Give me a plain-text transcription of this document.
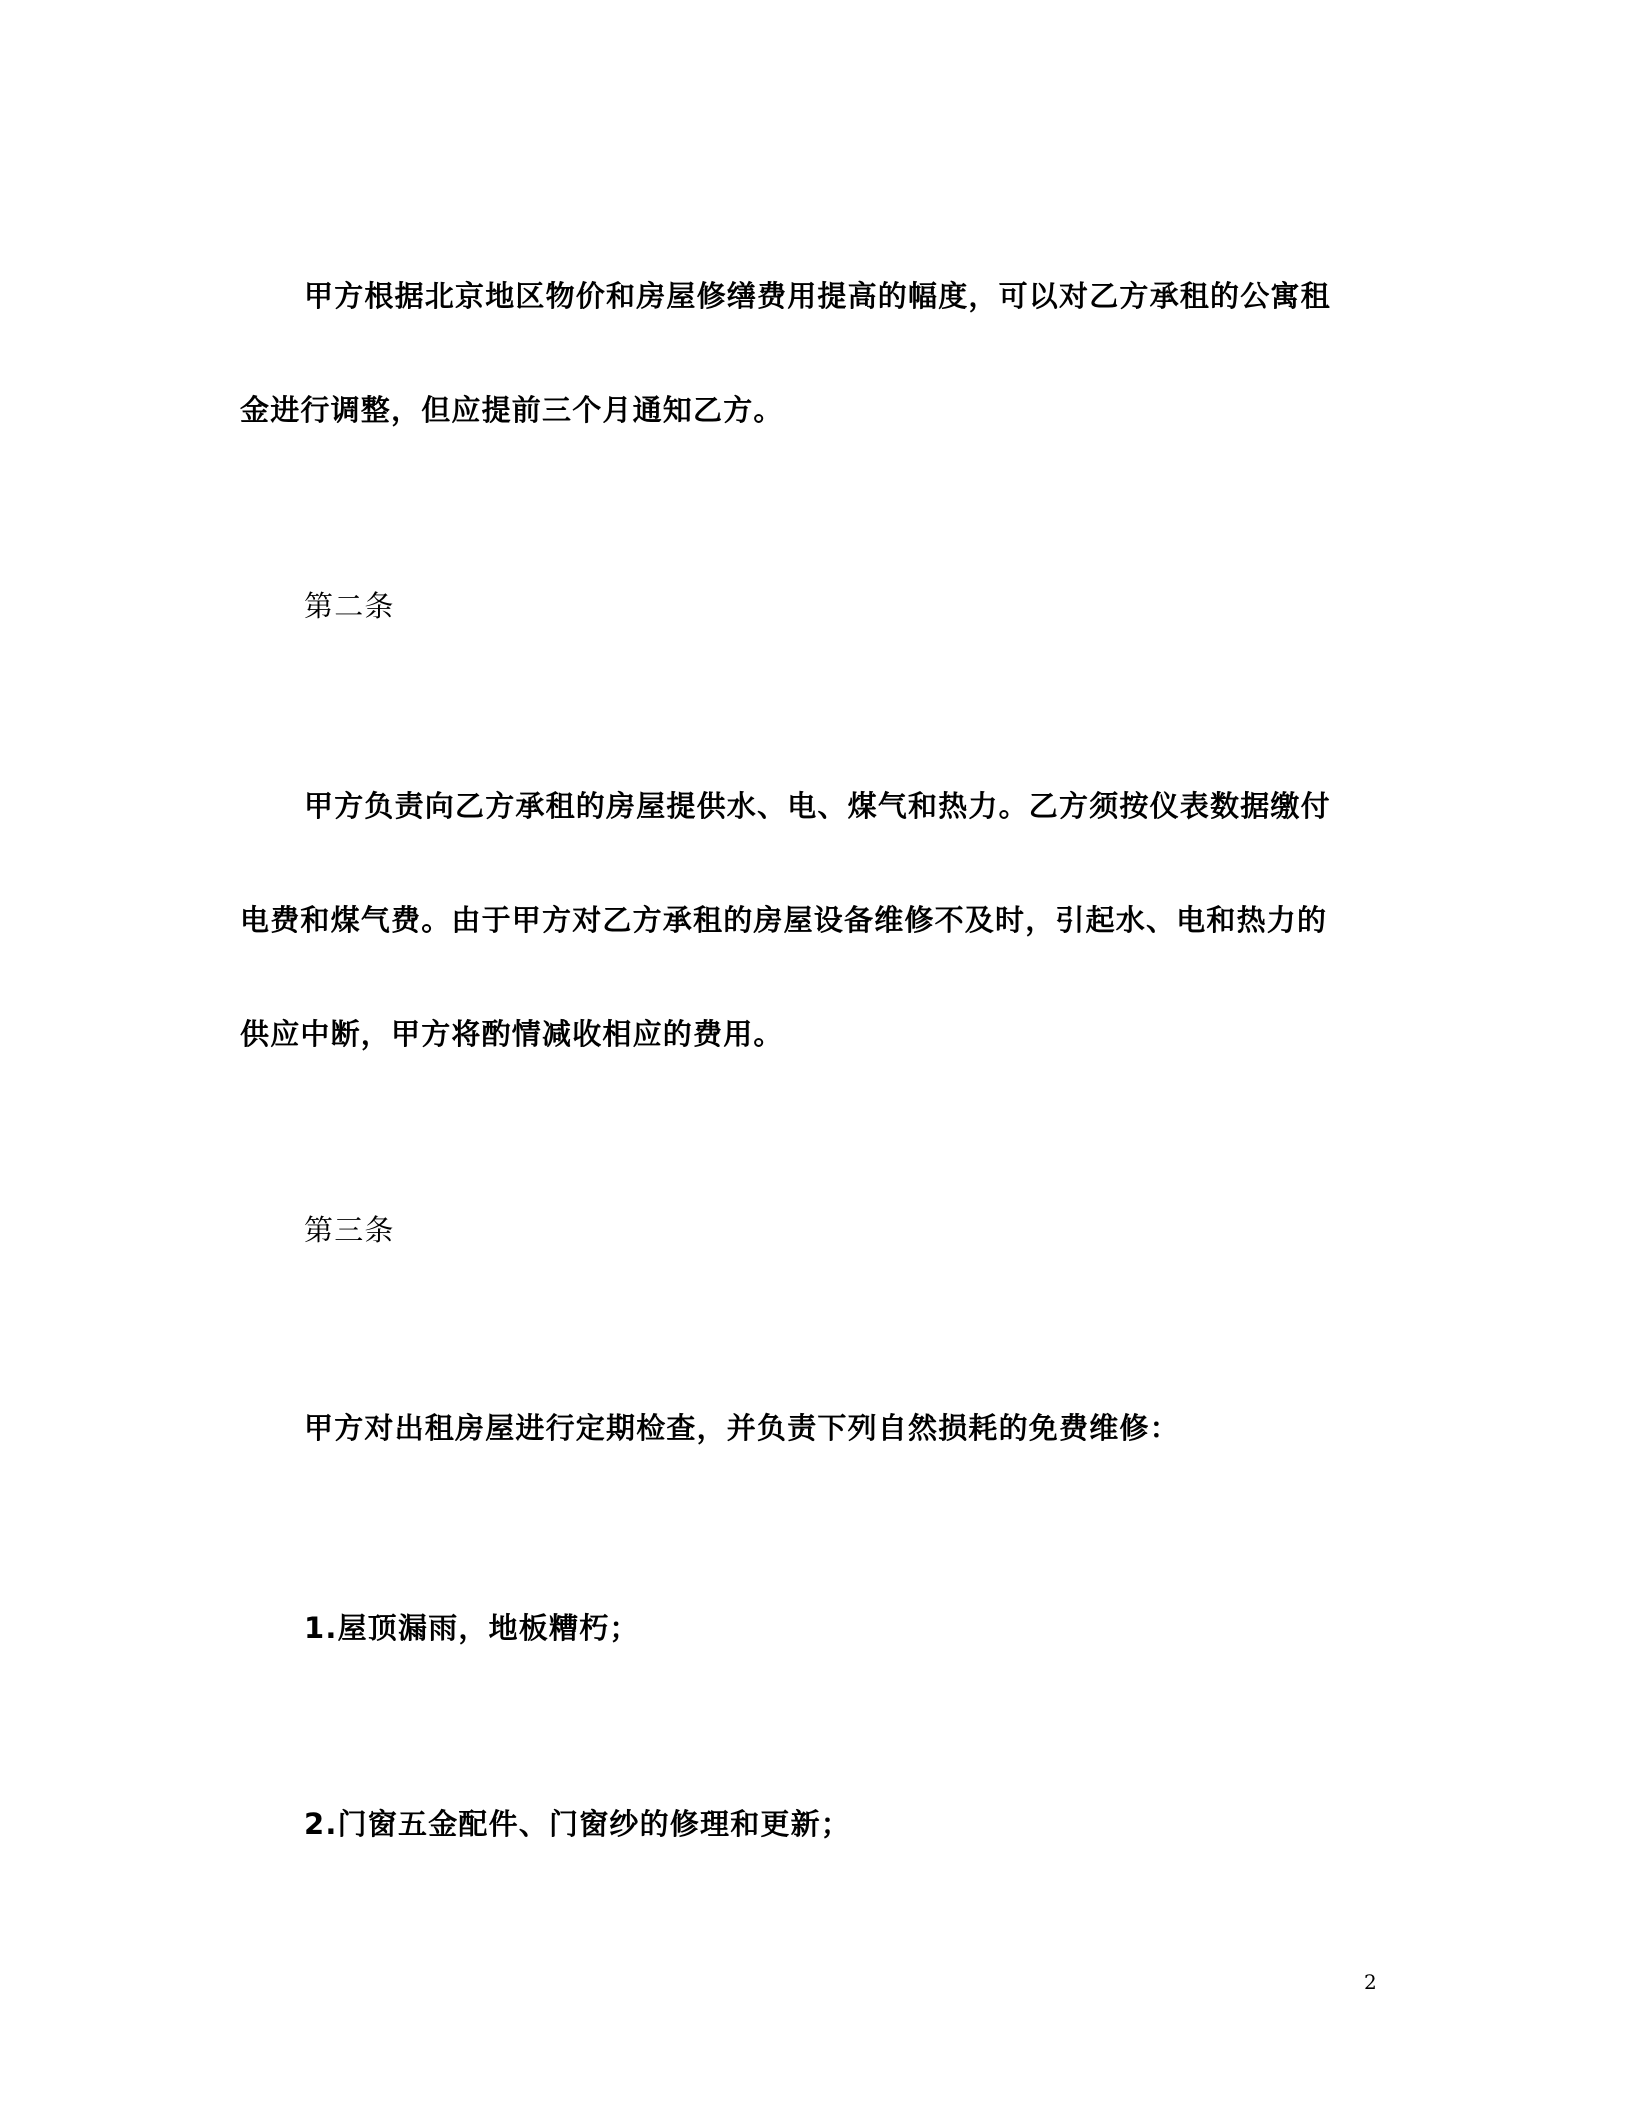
甲方根据北京地区物价和房屋修缮费用提高的幅度，可以对乙方承租的公寓租
金进行调整，但应提前三个月通知乙方。
第二条
甲方负责向乙方承租的房屋提供水、电、煤气和热力。乙方须按仪表数据缴付
电费和煤气费。由于甲方对乙方承租的房屋设备维修不及时，引起水、电和热力的
供应中断，甲方将酌情减收相应的费用。
第三条
甲方对出租房屋进行定期检查，并负责下列自然损耗的免费维修：
1.屋顶漏雨，地板糟朽；
2.门窗五金配件、门窗纱的修理和更新；
2
